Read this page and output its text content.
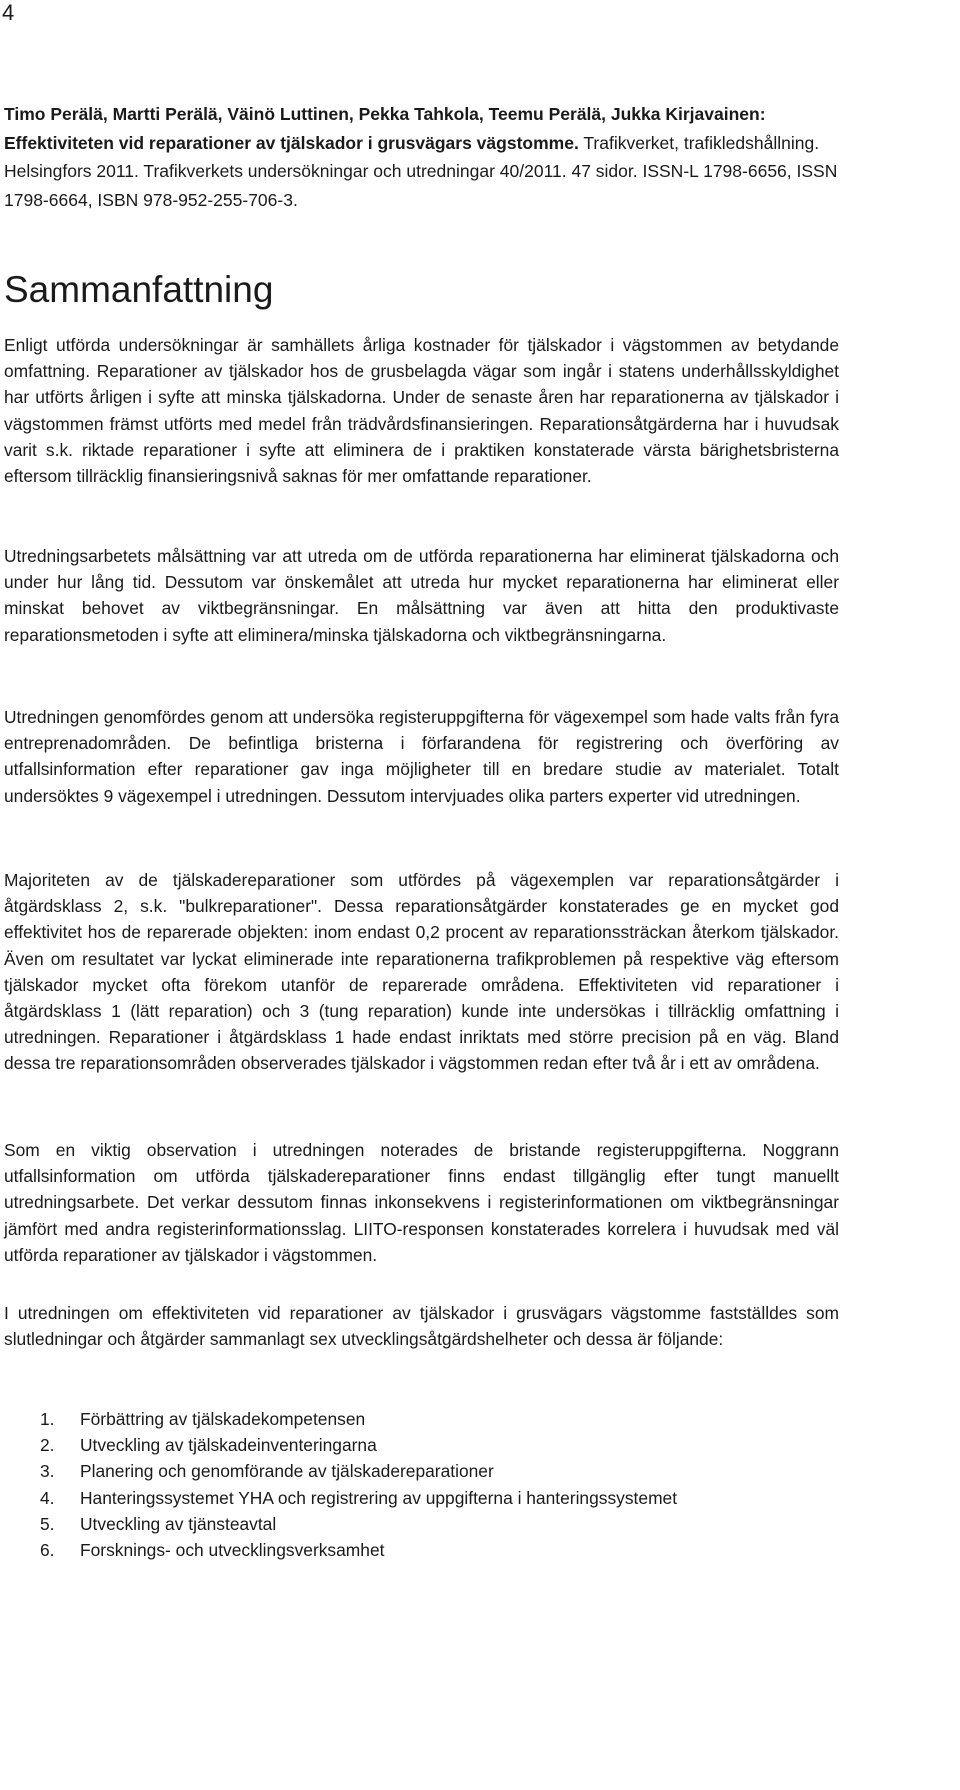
4
Timo Perälä, Martti Perälä, Väinö Luttinen, Pekka Tahkola, Teemu Perälä, Jukka Kirjavainen: Effektiviteten vid reparationer av tjälskador i grusvägars vägstomme. Trafikverket, trafikledshållning. Helsingfors 2011. Trafikverkets undersökningar och utredningar 40/2011. 47 sidor. ISSN-L 1798-6656, ISSN 1798-6664, ISBN 978-952-255-706-3.
Sammanfattning

Enligt utförda undersökningar är samhällets årliga kostnader för tjälskador i vägstommen av betydande omfattning. Reparationer av tjälskador hos de grusbelagda vägar som ingår i statens underhållsskyldighet har utförts årligen i syfte att minska tjälskadorna. Under de senaste åren har reparationerna av tjälskador i vägstommen främst utförts med medel från trädvårdsfinansieringen. Reparationsåtgärderna har i huvudsak varit s.k. riktade reparationer i syfte att eliminera de i praktiken konstaterade värsta bärighetsbristerna eftersom tillräcklig finansieringsnivå saknas för mer omfattande reparationer.

Utredningsarbetets målsättning var att utreda om de utförda reparationerna har eliminerat tjälskadorna och under hur lång tid. Dessutom var önskemålet att utreda hur mycket reparationerna har eliminerat eller minskat behovet av viktbegränsningar. En målsättning var även att hitta den produktivaste reparationsmetoden i syfte att eliminera/minska tjälskadorna och viktbegränsningarna.

Utredningen genomfördes genom att undersöka registeruppgifterna för vägexempel som hade valts från fyra entreprenadområden. De befintliga bristerna i förfarandena för registrering och överföring av utfallsinformation efter reparationer gav inga möjligheter till en bredare studie av materialet. Totalt undersöktes 9 vägexempel i utredningen. Dessutom intervjuades olika parters experter vid utredningen.

Majoriteten av de tjälskadereparationer som utfördes på vägexemplen var reparationsåtgärder i åtgärdsklass 2, s.k. "bulkreparationer". Dessa reparationsåtgärder konstaterades ge en mycket god effektivitet hos de reparerade objekten: inom endast 0,2 procent av reparationssträckan återkom tjälskador. Även om resultatet var lyckat eliminerade inte reparationerna trafikproblemen på respektive väg eftersom tjälskador mycket ofta förekom utanför de reparerade områdena. Effektiviteten vid reparationer i åtgärdsklass 1 (lätt reparation) och 3 (tung reparation) kunde inte undersökas i tillräcklig omfattning i utredningen. Reparationer i åtgärdsklass 1 hade endast inriktats med större precision på en väg. Bland dessa tre reparationsområden observerades tjälskador i vägstommen redan efter två år i ett av områdena.

Som en viktig observation i utredningen noterades de bristande registeruppgifterna. Noggrann utfallsinformation om utförda tjälskadereparationer finns endast tillgänglig efter tungt manuellt utredningsarbete. Det verkar dessutom finnas inkonsekvens i registerinformationen om viktbegränsningar jämfört med andra registerinformationsslag. LIITO-responsen konstaterades korrelera i huvudsak med väl utförda reparationer av tjälskador i vägstommen.

I utredningen om effektiviteten vid reparationer av tjälskador i grusvägars vägstomme fastställdes som slutledningar och åtgärder sammanlagt sex utvecklingsåtgärdshelheter och dessa är följande:

1.	Förbättring av tjälskadekompetensen
2.	Utveckling av tjälskadeinventeringarna
3.	Planering och genomförande av tjälskadereparationer
4.	Hanteringssystemet YHA och registrering av uppgifterna i hanteringssystemet
5.	Utveckling av tjänsteavtal
6.	Forsknings- och utvecklingsverksamhet
